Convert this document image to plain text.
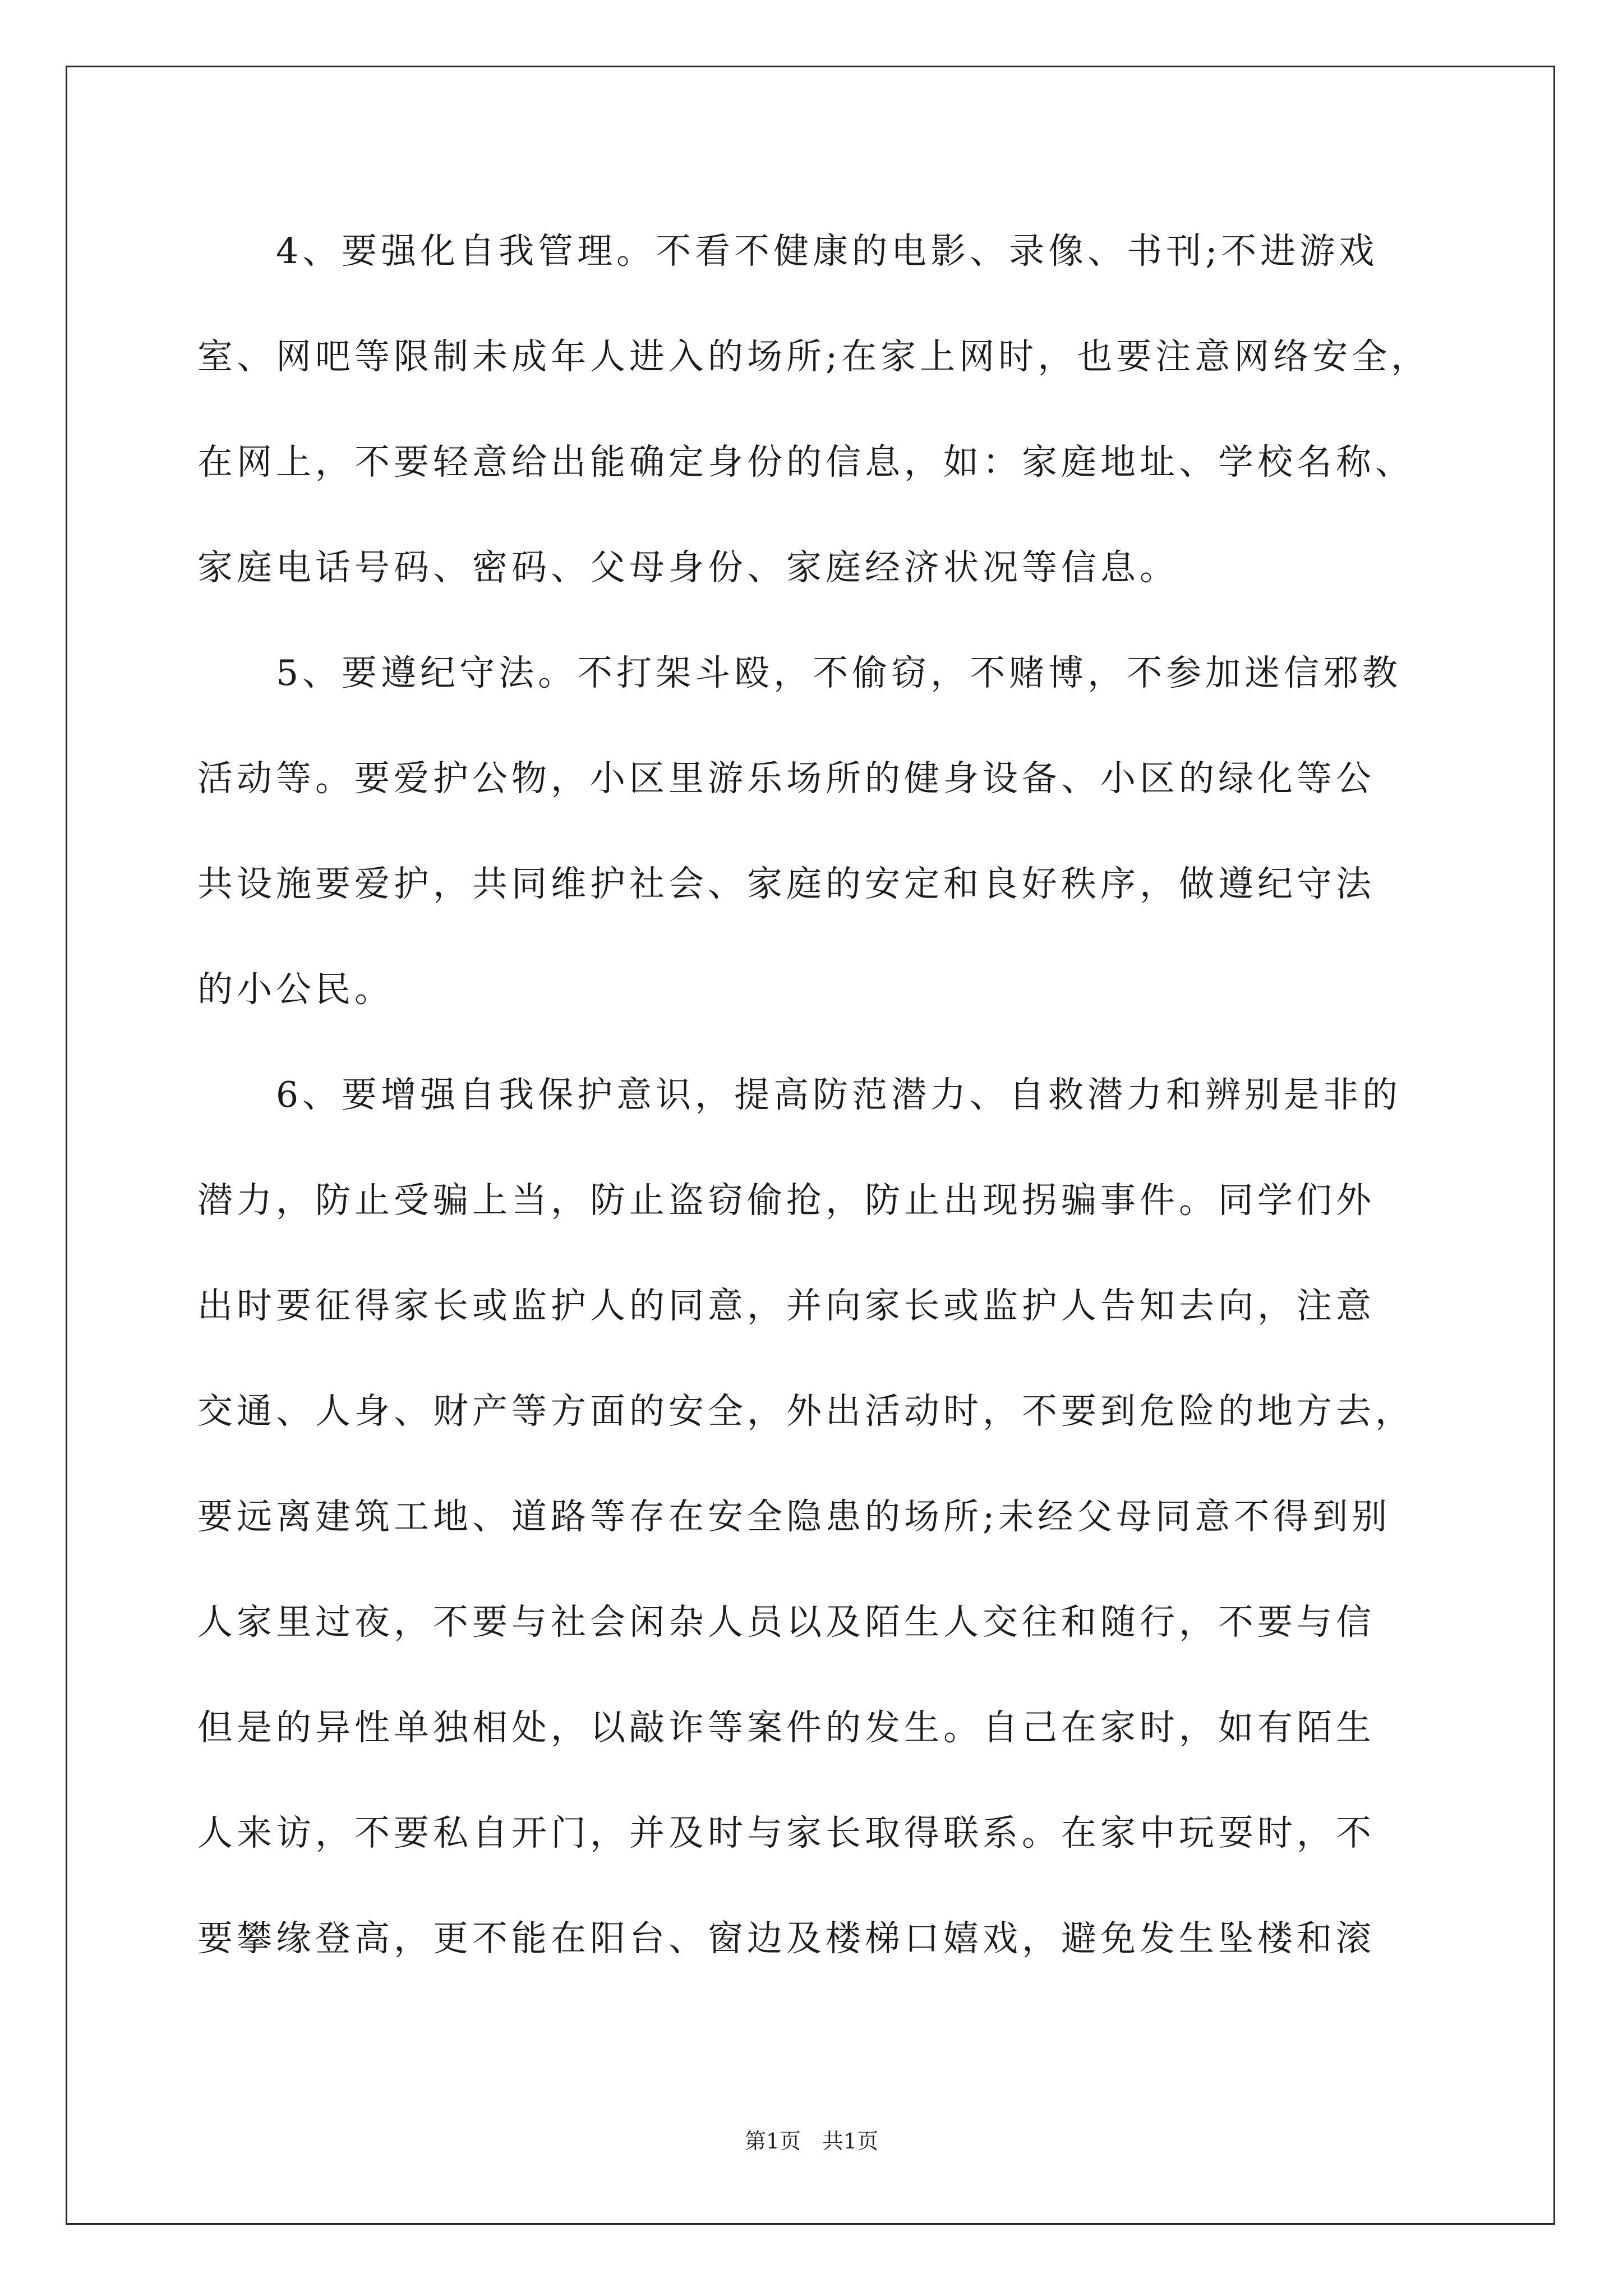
4、要强化自我管理。不看不健康的电影、录像、书刊;不进游戏
室、网吧等限制未成年人进入的场所;在家上网时，也要注意网络安全，
在网上，不要轻意给出能确定身份的信息，如：家庭地址、学校名称、
家庭电话号码、密码、父母身份、家庭经济状况等信息。
5、要遵纪守法。不打架斗殴，不偷窃，不赌博，不参加迷信邪教
活动等。要爱护公物，小区里游乐场所的健身设备、小区的绿化等公
共设施要爱护，共同维护社会、家庭的安定和良好秩序，做遵纪守法
的小公民。
6、要增强自我保护意识，提高防范潜力、自救潜力和辨别是非的
潜力，防止受骗上当，防止盗窃偷抢，防止出现拐骗事件。同学们外
出时要征得家长或监护人的同意，并向家长或监护人告知去向，注意
交通、人身、财产等方面的安全，外出活动时，不要到危险的地方去，
要远离建筑工地、道路等存在安全隐患的场所;未经父母同意不得到别
人家里过夜，不要与社会闲杂人员以及陌生人交往和随行，不要与信
但是的异性单独相处，以敲诈等案件的发生。自己在家时，如有陌生
人来访，不要私自开门，并及时与家长取得联系。在家中玩耍时，不
要攀缘登高，更不能在阳台、窗边及楼梯口嬉戏，避免发生坠楼和滚
第1页　共1页
